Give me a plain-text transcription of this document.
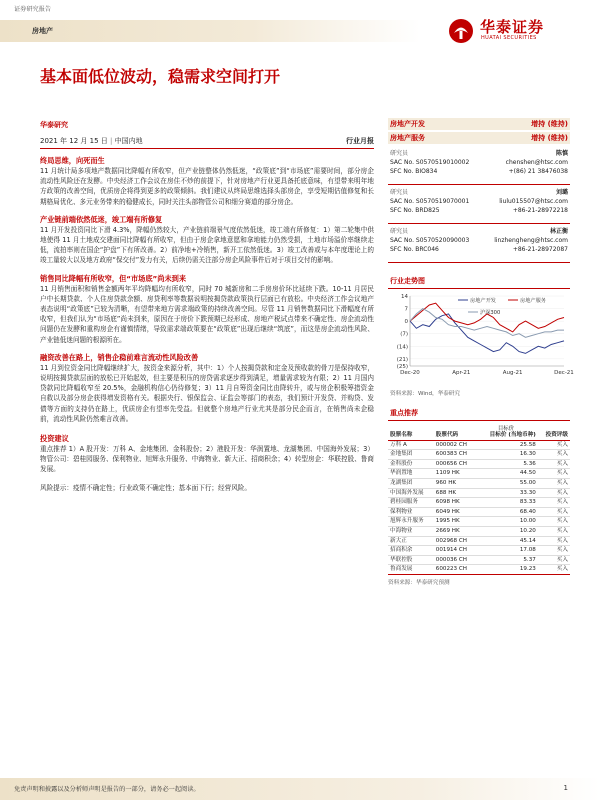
证券研究报告
房地产	华泰证券
HUATAI SECURITIES
基本面低位波动，稳需求空间打开
华泰研究
2021 年 12 月 15 日 | 中国内地	行业月报
终局思维，向死而生
11 月统计局多项地产数据同比降幅有所收窄，但产业链整体仍然低迷，“政策底”到“市场底”需要时间，部分房企流动性风险还在发酵。中央经济工作会议在房住不炒的前提下，针对房地产行业更具备托底意味，有望带来明年地方政策的改善空间，优质房企将得到更多的政策倾斜。我们建议从终局思维选择头部房企，享受短期估值修复和长期格局优化、多元业务带来的稳健成长，同时关注头部物管公司和细分赛道的部分房企。
产业链前端依然低迷，竣工端有所修复
11 月开发投资同比下滑 4.3%，降幅仍然较大，产业链前端景气度依然低迷，竣工端有所修复：1）第二轮集中供地使得 11 月土地成交建面同比降幅有所收窄，但由于房企拿地意愿和拿地能力仍然受损，土地市场溢价率继续走低，流拍率则在国企“护盘”下有所改善。2）前净地+冷销售，新开工依然低迷。3）竣工改善或与本年度理论上的竣工量较大以及地方政府“保交付”发力有关，后续仍需关注部分房企风险事件后对于项目交付的影响。
销售同比降幅有所收窄，但“市场底”尚未到来
11 月销售面积和销售金额两年平均降幅均有所收窄，同时 70 城新房和二手房房价环比延续下跌。10-11 月居民户中长期贷款、个人住房贷款余额、房贷利率等数据说明按揭贷款政策执行层面已有放松。中央经济工作会议地产表态说明“政策底”已较为清晰，有望带来地方需求端政策的持续改善空间。尽管 11 月销售数据同比下滑幅度有所收窄，但我们认为“市场底”尚未到来，原因在于房价下跌预期已经形成、房地产税试点带来不确定性、房企流动性问题仍在发酵和重构房企有谨慎情绪，导致需求端政策要在“政策底”出现后继续“筑底”，而这是房企流动性风险、产业链低迷问题的根源所在。
融资改善在路上，销售企稳前难言流动性风险改善
11 月到位资金同比降幅继续扩大，按资金来源分析，其中：1）个人按揭贷款和定金及预收款的骨刀是保持收窄，说明按揭贷款层面的放松已开始起效，但主要是积压的房贷需求逐步得到满足，增量需求较为有限；2）11 月国内贷款同比降幅收窄至 20.5%，金融机构信心仍待修复；3）11 月自筹资金同比由降转升，或与房企积极筹措资金自救以及部分房企获得增发资格有关。根据央行、银保监会、证监会等部门的表态，我们预计开发贷、并购贷、发债等方面的支持仍在路上，优质房企有望率先受益。但就整个房地产行业尤其是部分民企而言，在销售尚未企稳前，流动性风险仍然难言改善。
投资建议
重点推荐 1）A 股开发：万科 A、金地集团、金科股份；2）港股开发：华润置地、龙湖集团、中国海外发展；3）物管公司：碧桂园服务、保利物业、旭辉永升服务、中海物业、新大正、招商积余；4）转型房企：华联控股、鲁商发展。
风险提示：疫情不确定性；行业政策不确定性；基本面下行；经营风险。
房地产开发	增持 (维持)
房地产服务	增持 (维持)
研究员	陈慎
SAC No. S0570519010002	chenshen@htsc.com
SFC No. BIO834	+(86) 21 38476038
研究员	刘璐
SAC No. S0570519070001	liulu015507@htsc.com
SFC No. BRD825	+86-21-28972218
研究员	林正衡
SAC No. S0570520090003	linzhengheng@htsc.com
SFC No. BRC046	+86-21-28972087
行业走势图
14
7
0
(7)
(14)
(21)
(25)
Dec-20	Apr-21	Aug-21	Dec-21
房地产开发	房地产服务
沪深300
资料来源：Wind，华泰研究
重点推荐
目标价
股票名称	股票代码	目标价 (当地币种)	投资评级
万科 A	000002 CH	25.58	买入
金地集团	600383 CH	16.30	买入
金科股份	000656 CH	5.36	买入
华润置地	1109 HK	44.50	买入
龙湖集团	960 HK	55.00	买入
中国海外发展	688 HK	33.30	买入
碧桂园服务	6098 HK	83.33	买入
保利物业	6049 HK	68.40	买入
旭辉永升服务	1995 HK	10.00	买入
中海物业	2669 HK	10.20	买入
新大正	002968 CH	45.14	买入
招商积余	001914 CH	17.08	买入
华联控股	000036 CH	5.37	买入
鲁商发展	600223 CH	19.23	买入
资料来源：华泰研究预测
免责声明和披露以及分析师声明是报告的一部分，请务必一起阅读。	1
